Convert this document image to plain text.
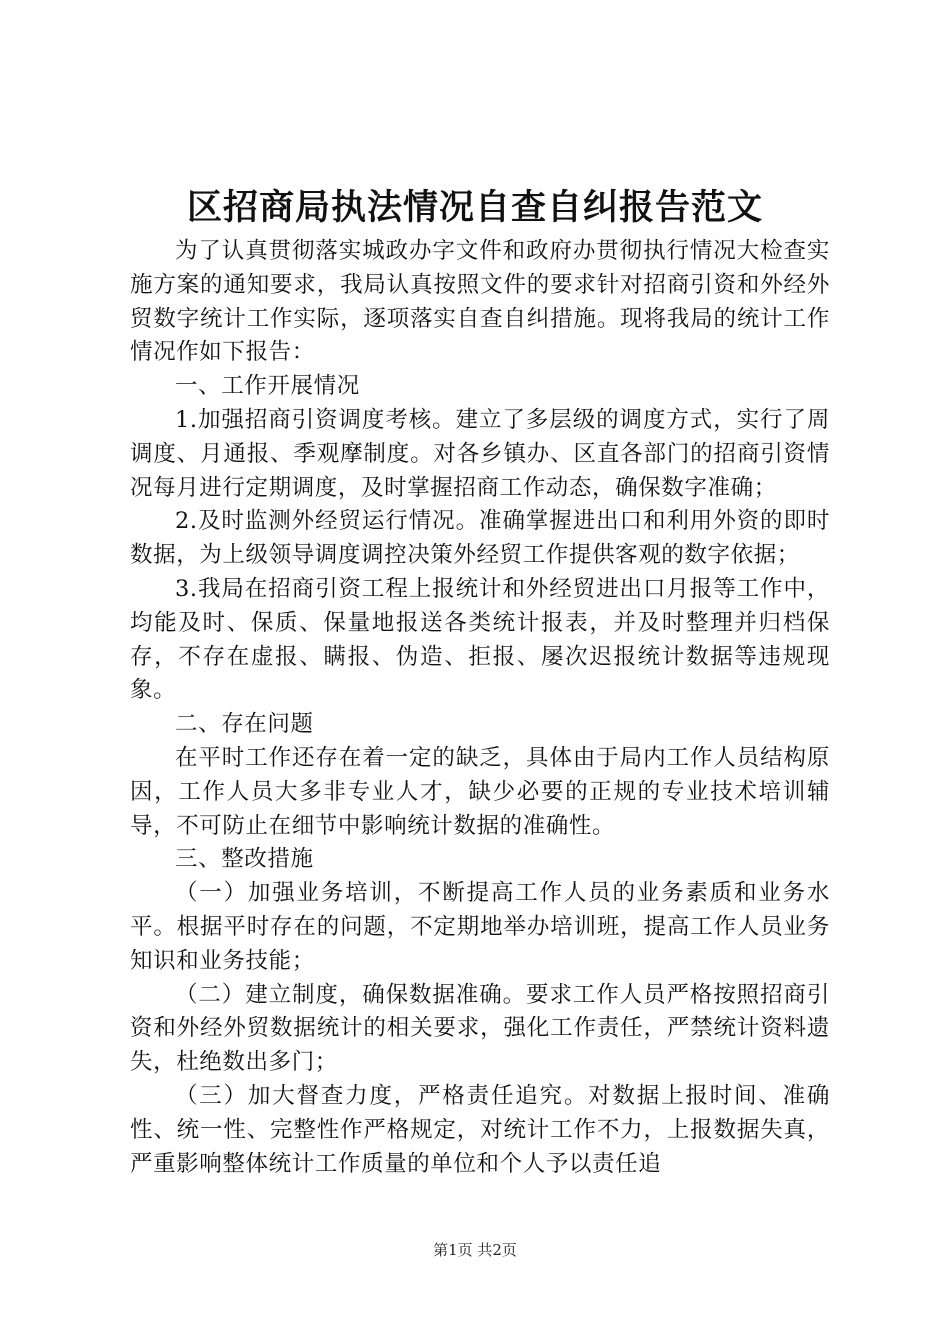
区招商局执法情况自查自纠报告范文

为了认真贯彻落实城政办字文件和政府办贯彻执行情况大检查实施方案的通知要求，我局认真按照文件的要求针对招商引资和外经外贸数字统计工作实际，逐项落实自查自纠措施。现将我局的统计工作情况作如下报告：

一、工作开展情况

1.加强招商引资调度考核。建立了多层级的调度方式，实行了周调度、月通报、季观摩制度。对各乡镇办、区直各部门的招商引资情况每月进行定期调度，及时掌握招商工作动态，确保数字准确；

2.及时监测外经贸运行情况。准确掌握进出口和利用外资的即时数据，为上级领导调度调控决策外经贸工作提供客观的数字依据；

3.我局在招商引资工程上报统计和外经贸进出口月报等工作中，均能及时、保质、保量地报送各类统计报表，并及时整理并归档保存，不存在虚报、瞒报、伪造、拒报、屡次迟报统计数据等违规现象。

二、存在问题

在平时工作还存在着一定的缺乏，具体由于局内工作人员结构原因，工作人员大多非专业人才，缺少必要的正规的专业技术培训辅导，不可防止在细节中影响统计数据的准确性。

三、整改措施

（一）加强业务培训，不断提高工作人员的业务素质和业务水平。根据平时存在的问题，不定期地举办培训班，提高工作人员业务知识和业务技能；

（二）建立制度，确保数据准确。要求工作人员严格按照招商引资和外经外贸数据统计的相关要求，强化工作责任，严禁统计资料遗失，杜绝数出多门；

（三）加大督查力度，严格责任追究。对数据上报时间、准确性、统一性、完整性作严格规定，对统计工作不力，上报数据失真，严重影响整体统计工作质量的单位和个人予以责任追

第1页 共2页
